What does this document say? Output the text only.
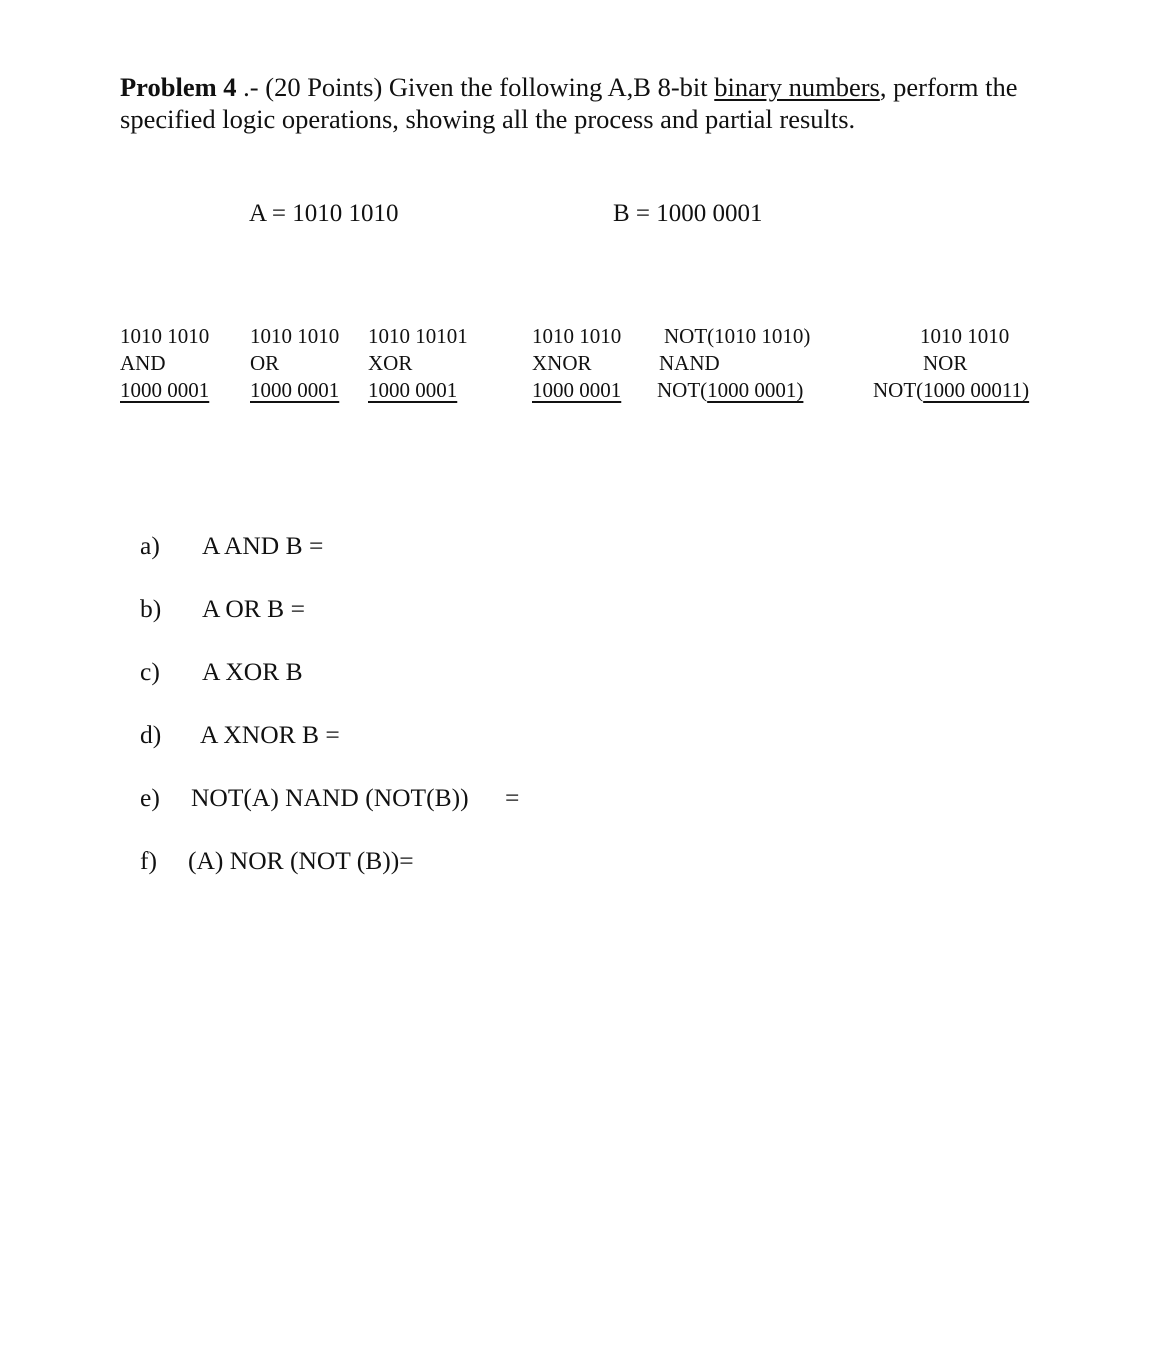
Problem 4 .- (20 Points) Given the following A,B 8-bit binary numbers, perform the specified logic operations, showing all the process and partial results.
A = 1010 1010	B = 1000 0001
1010 1010
AND
1000 0001
1010 1010
OR
1000 0001
1010 10101
XOR
1000 0001
1010 1010
XNOR
1000 0001
NOT(1010 1010)
NAND
NOT(1000 0001)
1010 1010
NOR
NOT(1000 00011)
a) A AND B =
b) A OR B =
c) A XOR B
d) A XNOR B =
e) NOT(A) NAND (NOT(B)) =
f) (A) NOR (NOT (B))=
